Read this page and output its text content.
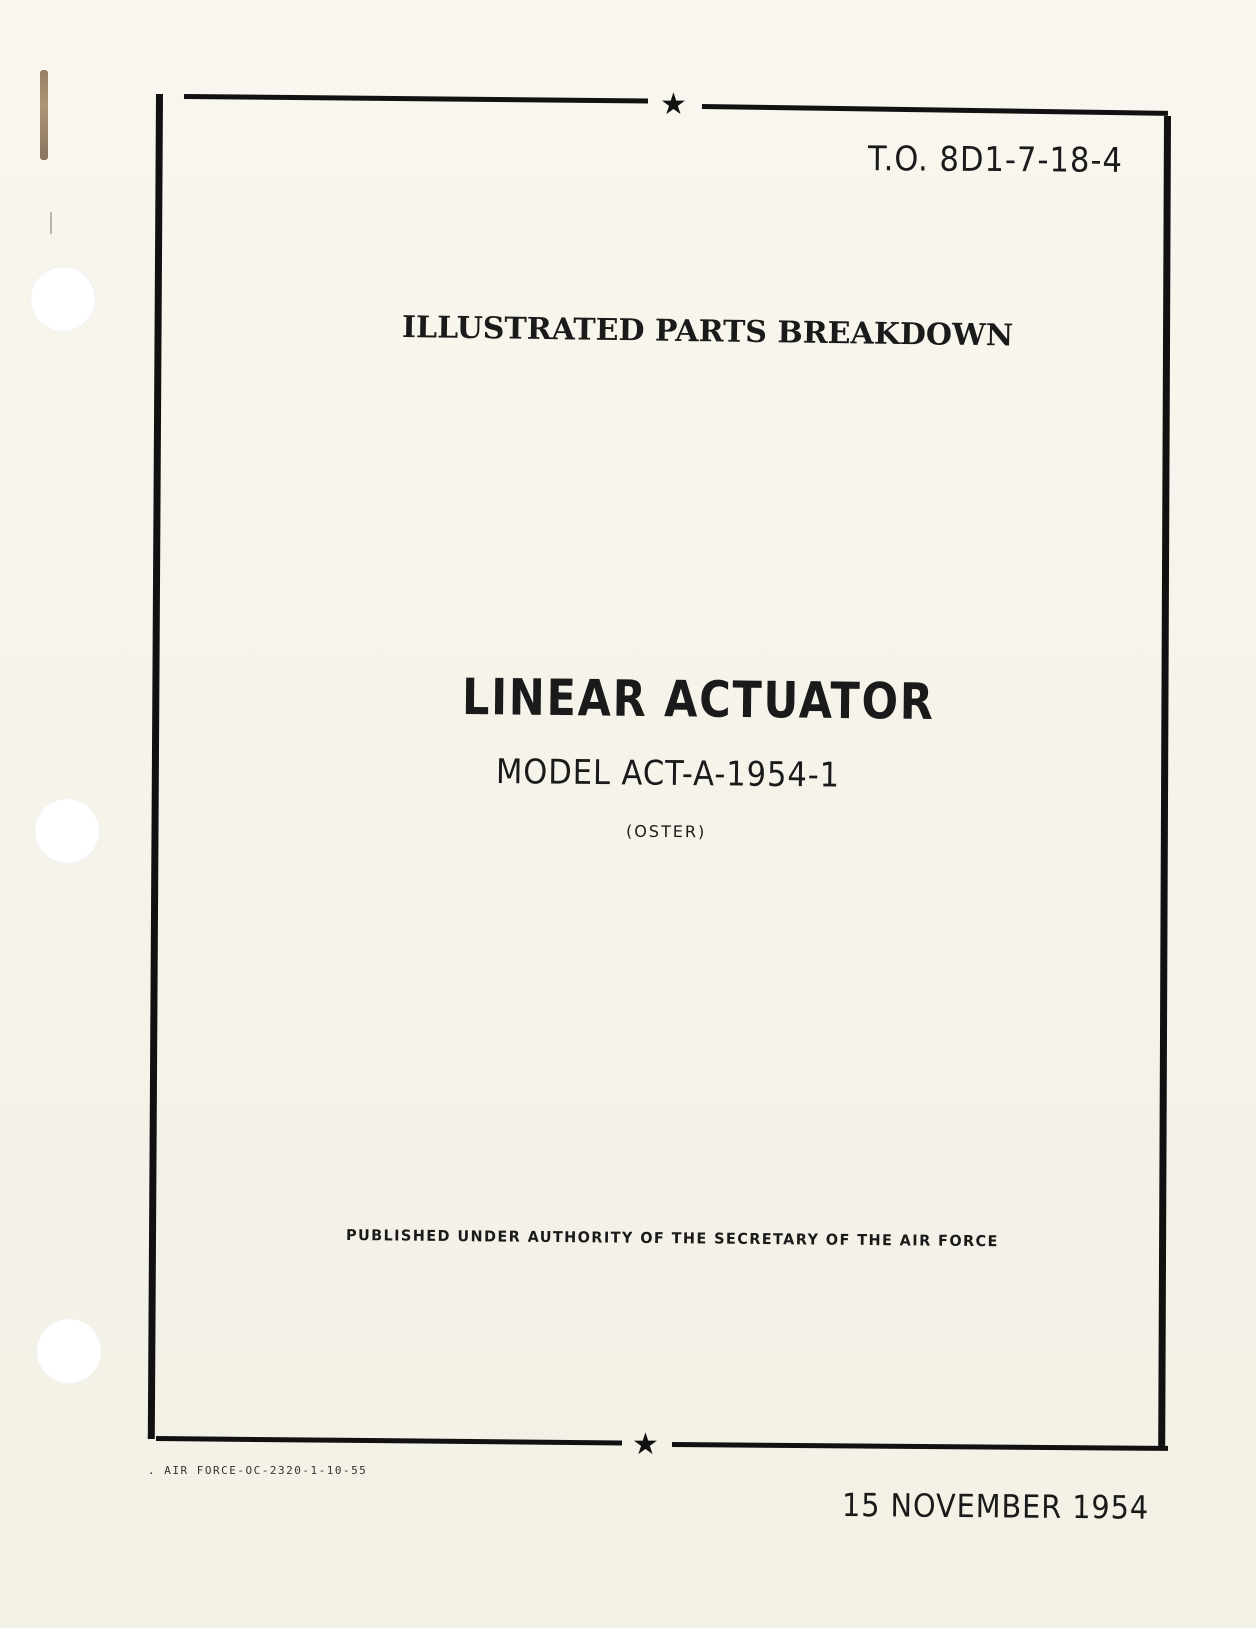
★
★
T.O. 8D1-7-18-4
ILLUSTRATED PARTS BREAKDOWN
LINEAR ACTUATOR
MODEL ACT-A-1954-1
(OSTER)
PUBLISHED UNDER AUTHORITY OF THE SECRETARY OF THE AIR FORCE
. AIR FORCE-OC-2320-1-10-55
15 NOVEMBER 1954
